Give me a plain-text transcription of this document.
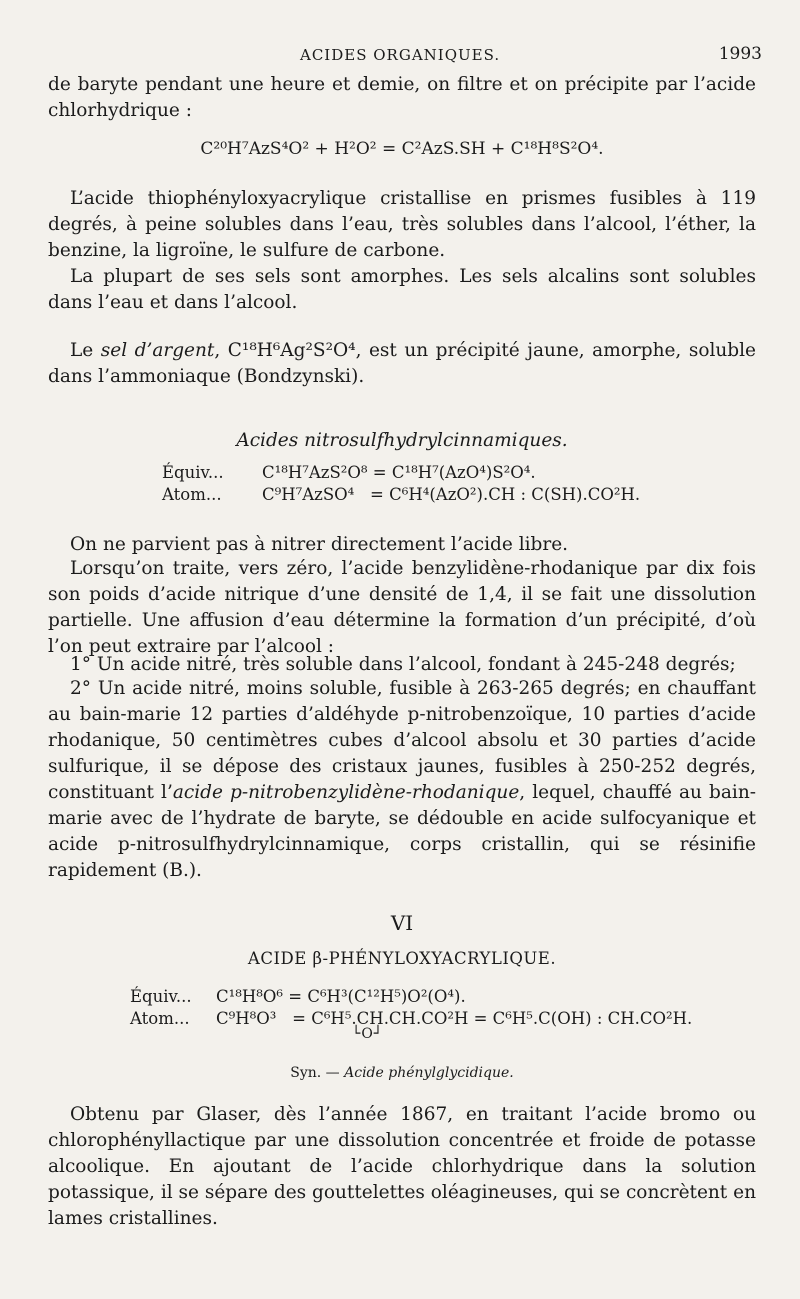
ACIDES ORGANIQUES.	1993

de baryte pendant une heure et demie, on filtre et on précipite par l’acide chlorhydrique :

C²⁰H⁷AzS⁴O² + H²O² = C²AzS.SH + C¹⁸H⁸S²O⁴.
L’acide thiophényloxyacrylique cristallise en prismes fusibles à 119 degrés, à peine solubles dans l’eau, très solubles dans l’alcool, l’éther, la benzine, la ligroïne, le sulfure de carbone.
La plupart de ses sels sont amorphes. Les sels alcalins sont solubles dans l’eau et dans l’alcool.
Le sel d’argent, C¹⁸H⁶Ag²S²O⁴, est un précipité jaune, amorphe, soluble dans l’ammoniaque (Bondzynski).
Acides nitrosulfhydrylcinnamiques.
Équiv... C¹⁸H⁷AzS²O⁸ = C¹⁸H⁷(AzO⁴)S²O⁴.
Atom... C⁹H⁷AzSO⁴   = C⁶H⁴(AzO²).CH : C(SH).CO²H.
On ne parvient pas à nitrer directement l’acide libre.
Lorsqu’on traite, vers zéro, l’acide benzylidène-rhodanique par dix fois son poids d’acide nitrique d’une densité de 1,4, il se fait une dissolution partielle. Une affusion d’eau détermine la formation d’un précipité, d’où l’on peut extraire par l’alcool :
1° Un acide nitré, très soluble dans l’alcool, fondant à 245-248 degrés;
2° Un acide nitré, moins soluble, fusible à 263-265 degrés; en chauffant au bain-marie 12 parties d’aldéhyde p-nitrobenzoïque, 10 parties d’acide rhodanique, 50 centimètres cubes d’alcool absolu et 30 parties d’acide sulfurique, il se dépose des cristaux jaunes, fusibles à 250-252 degrés, constituant l’acide p-nitrobenzylidène-rhodanique, lequel, chauffé au bain-marie avec de l’hydrate de baryte, se dédouble en acide sulfocyanique et acide p-nitrosulfhydrylcinnamique, corps cristallin, qui se résinifie rapidement (B.).
VI
ACIDE β-PHÉNYLOXYACRYLIQUE.
Équiv... C¹⁸H⁸O⁶ = C⁶H³(C¹²H⁵)O²(O⁴).
Atom... C⁹H⁸O³   = C⁶H⁵.CH.CH.CO²H = C⁶H⁵.C(OH) : CH.CO²H.
└O┘
Syn. — Acide phénylglycidique.
Obtenu par Glaser, dès l’année 1867, en traitant l’acide bromo ou chlorophényllactique par une dissolution concentrée et froide de potasse alcoolique. En ajoutant de l’acide chlorhydrique dans la solution potassique, il se sépare des gouttelettes oléagineuses, qui se concrètent en lames cristallines.
